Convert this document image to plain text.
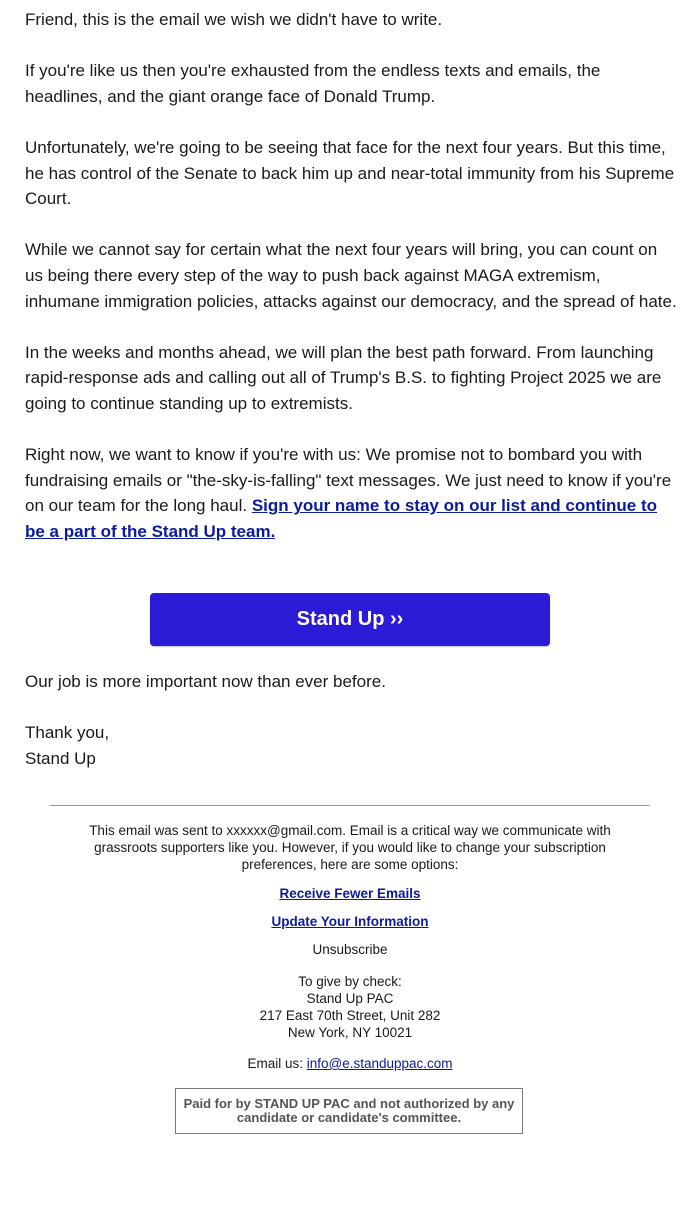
Friend, this is the email we wish we didn't have to write.

If you're like us then you're exhausted from the endless texts and emails, the headlines, and the giant orange face of Donald Trump.

Unfortunately, we're going to be seeing that face for the next four years. But this time, he has control of the Senate to back him up and near-total immunity from his Supreme Court.

While we cannot say for certain what the next four years will bring, you can count on us being there every step of the way to push back against MAGA extremism, inhumane immigration policies, attacks against our democracy, and the spread of hate.

In the weeks and months ahead, we will plan the best path forward. From launching rapid-response ads and calling out all of Trump's B.S. to fighting Project 2025 we are going to continue standing up to extremists.

Right now, we want to know if you're with us: We promise not to bombard you with fundraising emails or "the-sky-is-falling" text messages. We just need to know if you're on our team for the long haul. Sign your name to stay on our list and continue to be a part of the Stand Up team.

Stand Up ››

Our job is more important now than ever before.

Thank you,
Stand Up

This email was sent to xxxxxx@gmail.com. Email is a critical way we communicate with grassroots supporters like you. However, if you would like to change your subscription preferences, here are some options:
Receive Fewer Emails
Update Your Information
Unsubscribe
To give by check:
Stand Up PAC
217 East 70th Street, Unit 282
New York, NY 10021
Email us: info@e.standuppac.com
Paid for by STAND UP PAC and not authorized by any candidate or candidate's committee.
